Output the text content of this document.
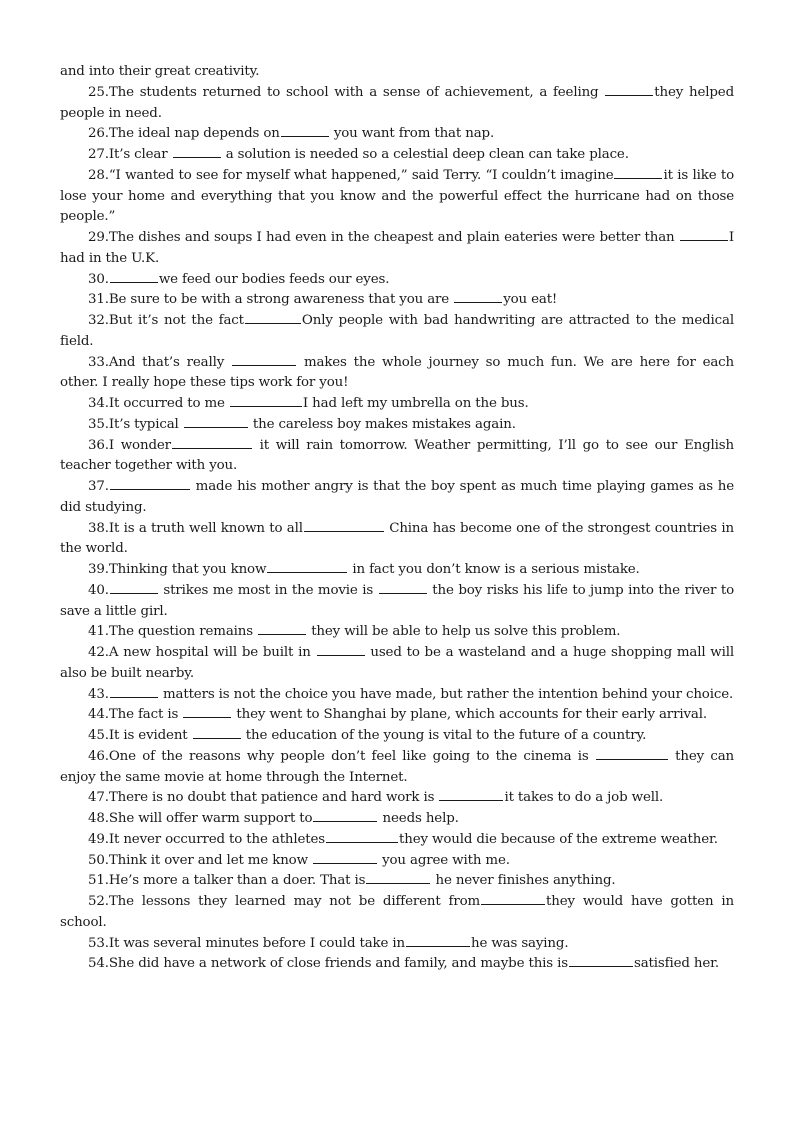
and into their great creativity.

25.The students returned to school with a sense of achievement, a feeling	they helped people in need.

26.The ideal nap depends on	you want from that nap.

27.It’s clear	a solution is needed so a celestial deep clean can take place.

28.“I wanted to see for myself what happened,” said Terry. “I couldn’t imagine	it is like to lose your home and everything that you know and the powerful effect the hurricane had on those people.”

29.The dishes and soups I had even in the cheapest and plain eateries were better than	I had in the U.K.

30.	we feed our bodies feeds our eyes.

31.Be sure to be with a strong awareness that you are	you eat!

32.But it’s not the fact	Only people with bad handwriting are attracted to the medical field.

33.And that’s really	makes the whole journey so much fun. We are here for each other. I really hope these tips work for you!

34.It occurred to me	I had left my umbrella on the bus.

35.It’s typical	the careless boy makes mistakes again.

36.I wonder	it will rain tomorrow. Weather permitting, I’ll go to see our English teacher together with you.

37.	made his mother angry is that the boy spent as much time playing games as he did studying.

38.It is a truth well known to all	China has become one of the strongest countries in the world.

39.Thinking that you know	in fact you don’t know is a serious mistake.

40.	strikes me most in the movie is	the boy risks his life to jump into the river to save a little girl.

41.The question remains	they will be able to help us solve this problem.

42.A new hospital will be built in	used to be a wasteland and a huge shopping mall will also be built nearby.

43.	matters is not the choice you have made, but rather the intention behind your choice.

44.The fact is	they went to Shanghai by plane, which accounts for their early arrival.

45.It is evident	the education of the young is vital to the future of a country.

46.One of the reasons why people don’t feel like going to the cinema is	they can enjoy the same movie at home through the Internet.

47.There is no doubt that patience and hard work is	it takes to do a job well.

48.She will offer warm support to	needs help.

49.It never occurred to the athletes	they would die because of the extreme weather.

50.Think it over and let me know	you agree with me.

51.He’s more a talker than a doer. That is	he never finishes anything.

52.The lessons they learned may not be different from	they would have gotten in school.

53.It was several minutes before I could take in	he was saying.

54.She did have a network of close friends and family, and maybe this is	satisfied her.
